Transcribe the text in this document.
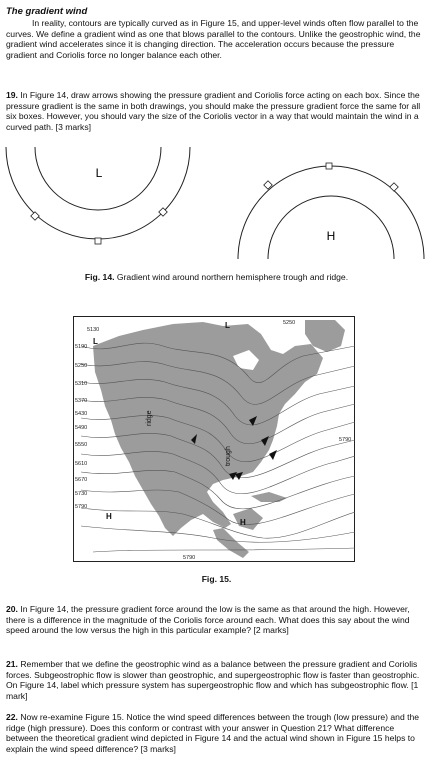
The gradient wind
In reality, contours are typically curved as in Figure 15, and upper-level winds often flow parallel to the curves. We define a gradient wind as one that blows parallel to the contours. Unlike the geostrophic wind, the gradient wind accelerates since it is changing direction. The acceleration occurs because the pressure gradient and Coriolis force no longer balance each other.
19. In Figure 14, draw arrows showing the pressure gradient and Coriolis force acting on each box. Since the pressure gradient is the same in both drawings, you should make the pressure gradient force the same for all six boxes. However, you should vary the size of the Coriolis vector in a way that would maintain the wind in a curved path. [3 marks]
L
H
Fig. 14. Gradient wind around northern hemisphere trough and ridge.
5130
5190
5250
5310
5370
5430
5490
5550
5610
5670
5730
5790
5250
5790
5790
L
L
H
H
ridge
trough
Fig. 15.
20. In Figure 14, the pressure gradient force around the low is the same as that around the high. However, there is a difference in the magnitude of the Coriolis force around each. What does this say about the wind speed around the low versus the high in this particular example? [2 marks]
21. Remember that we define the geostrophic wind as a balance between the pressure gradient and Coriolis forces. Subgeostrophic flow is slower than geostrophic, and supergeostrophic flow is faster than geostrophic. On Figure 14, label which pressure system has supergeostrophic flow and which has subgeostrophic flow. [1 mark]
22. Now re-examine Figure 15. Notice the wind speed differences between the trough (low pressure) and the ridge (high pressure). Does this conform or contrast with your answer in Question 21? What difference between the theoretical gradient wind depicted in Figure 14 and the actual wind shown in Figure 15 helps to explain the wind speed difference? [3 marks]
